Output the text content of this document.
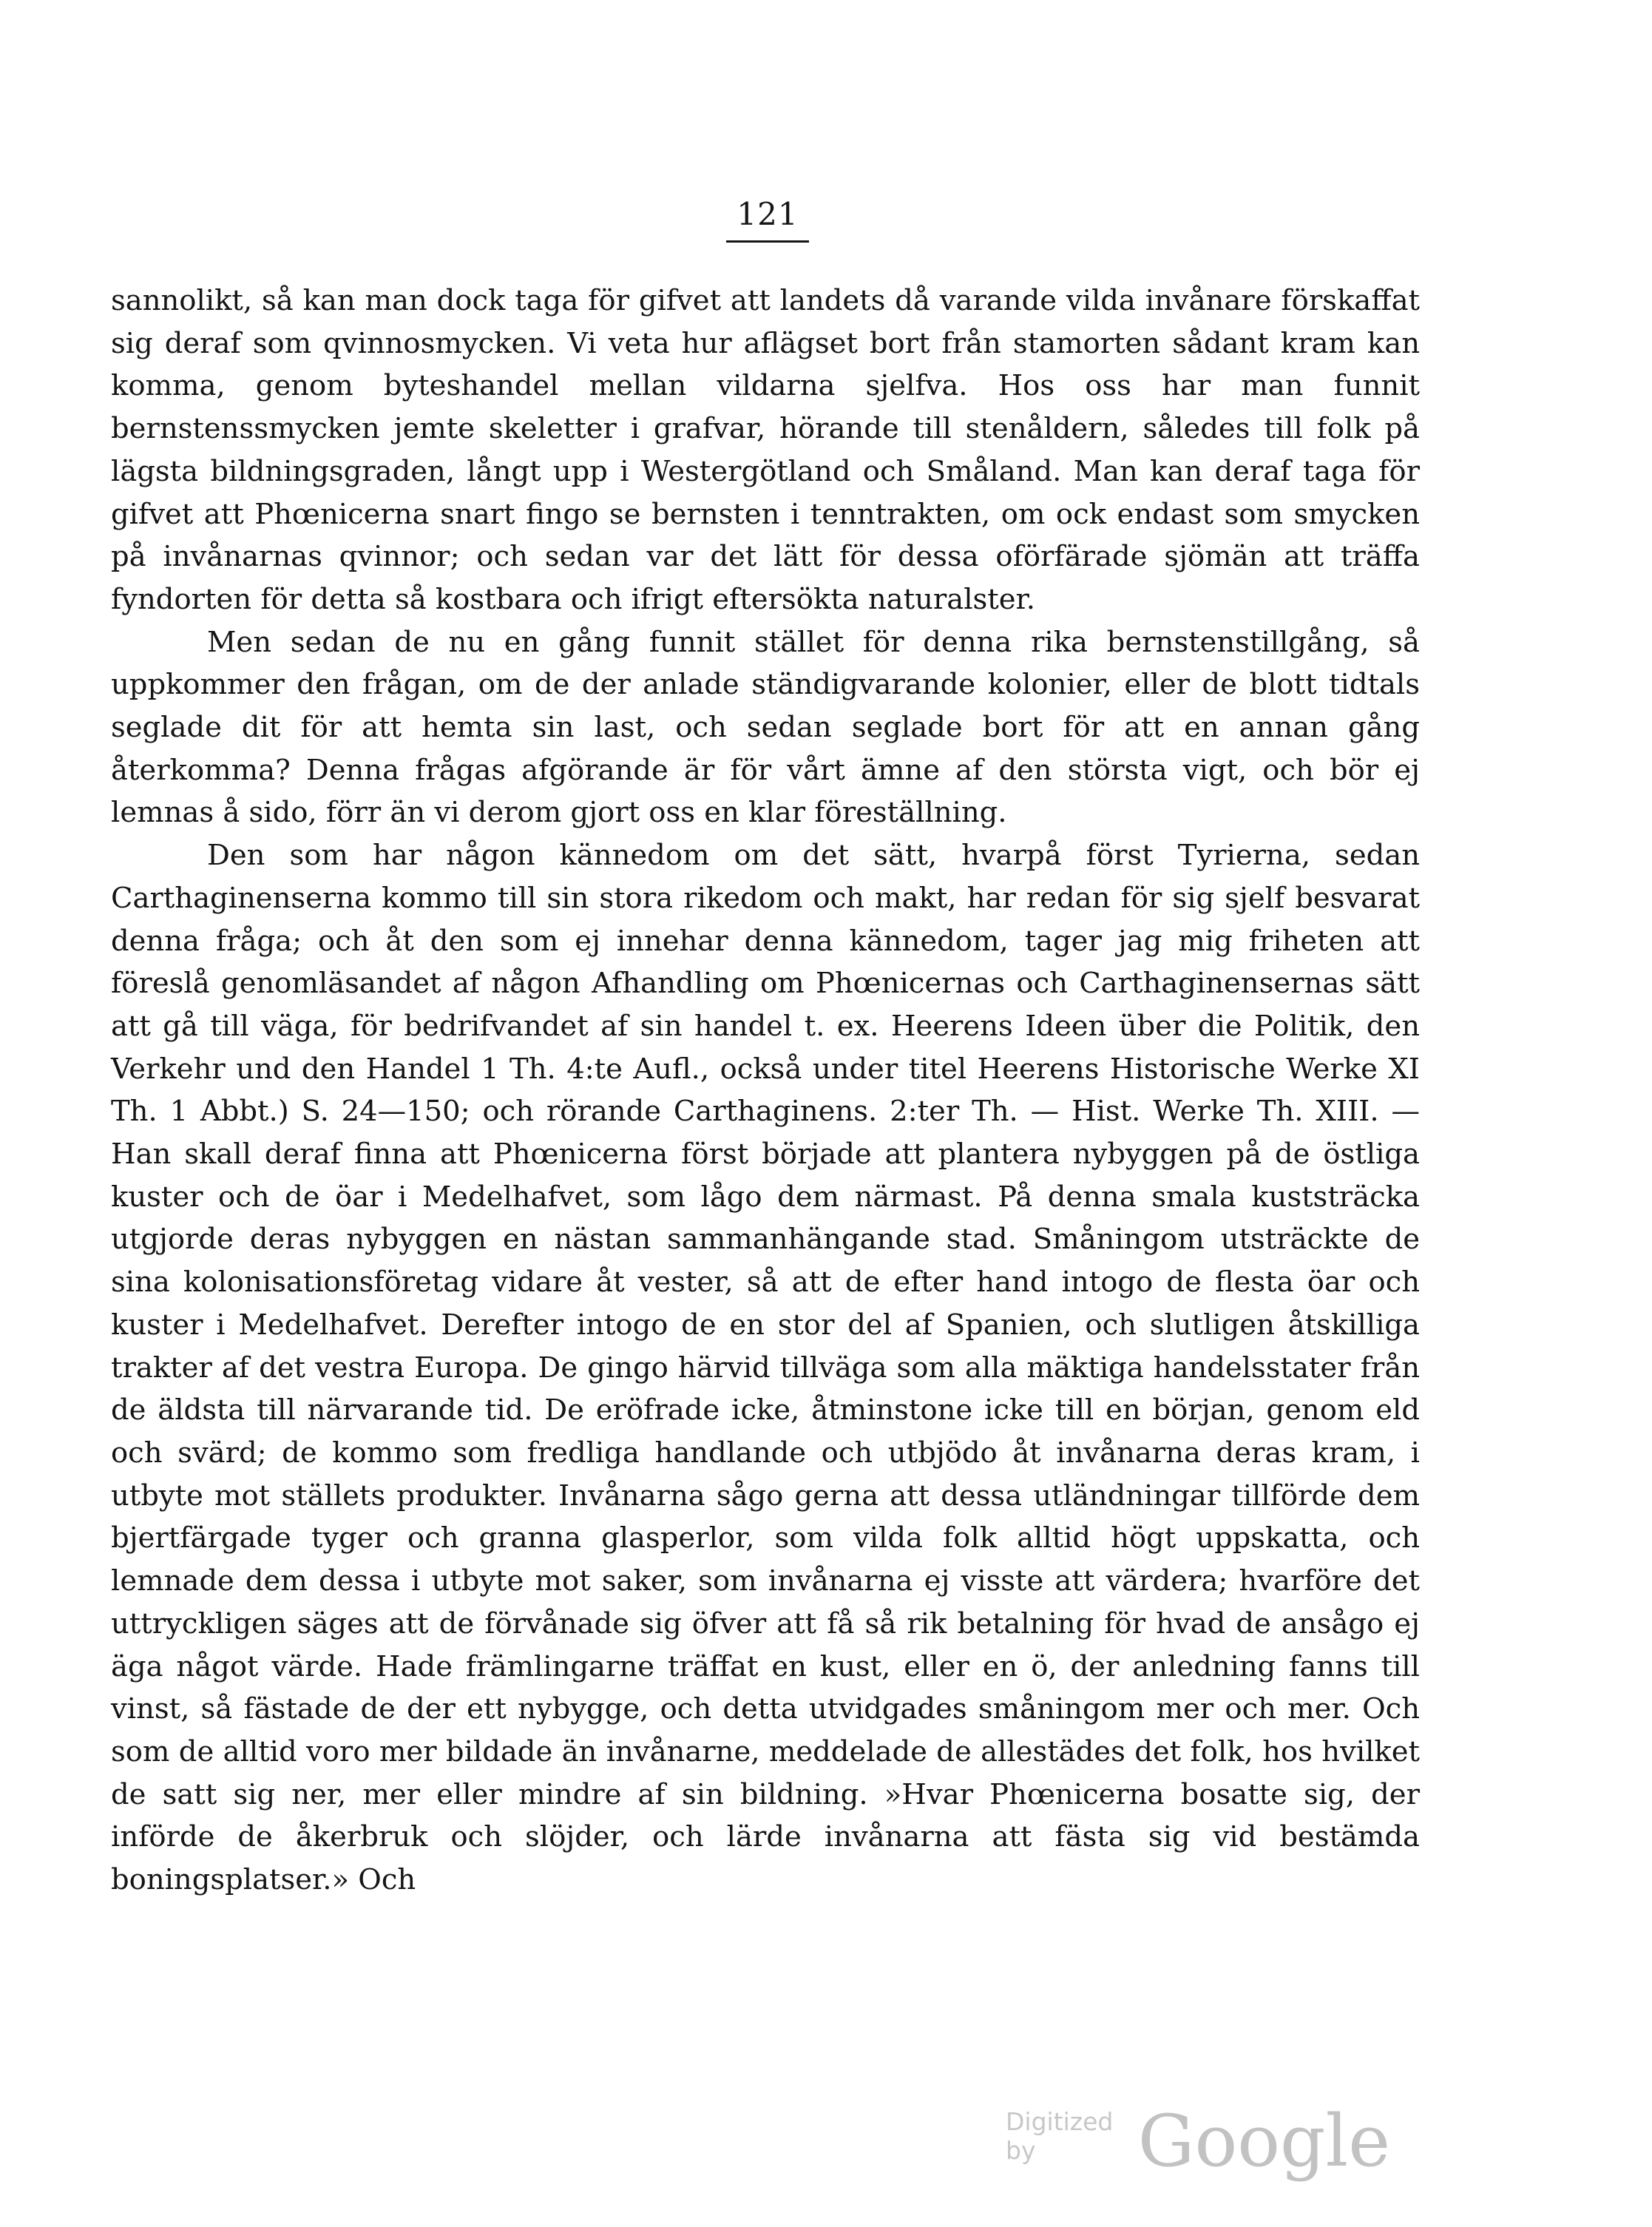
121

sannolikt, så kan man dock taga för gifvet att landets då varande vilda invånare förskaffat sig deraf som qvinnosmycken. Vi veta hur aflägset bort från stamorten sådant kram kan komma, genom byteshandel mellan vildarna sjelfva. Hos oss har man funnit bernstenssmycken jemte skeletter i grafvar, hörande till stenåldern, således till folk på lägsta bildningsgraden, långt upp i Westergötland och Småland. Man kan deraf taga för gifvet att Phœnicerna snart fingo se bernsten i tenntrakten, om ock endast som smycken på invånarnas qvinnor; och sedan var det lätt för dessa oförfärade sjömän att träffa fyndorten för detta så kostbara och ifrigt eftersökta naturalster.

Men sedan de nu en gång funnit stället för denna rika bernstenstillgång, så uppkommer den frågan, om de der anlade ständigvarande kolonier, eller de blott tidtals seglade dit för att hemta sin last, och sedan seglade bort för att en annan gång återkomma? Denna frågas afgörande är för vårt ämne af den största vigt, och bör ej lemnas å sido, förr än vi derom gjort oss en klar föreställning.

Den som har någon kännedom om det sätt, hvarpå först Tyrierna, sedan Carthaginenserna kommo till sin stora rikedom och makt, har redan för sig sjelf besvarat denna fråga; och åt den som ej innehar denna kännedom, tager jag mig friheten att föreslå genomläsandet af någon Afhandling om Phœnicernas och Carthaginensernas sätt att gå till väga, för bedrifvandet af sin handel t. ex. Heerens Ideen über die Politik, den Verkehr und den Handel 1 Th. 4:te Aufl., också under titel Heerens Historische Werke XI Th. 1 Abbt.) S. 24—150; och rörande Carthaginens. 2:ter Th. — Hist. Werke Th. XIII. — Han skall deraf finna att Phœnicerna först började att plantera nybyggen på de östliga kuster och de öar i Medelhafvet, som lågo dem närmast. På denna smala kuststräcka utgjorde deras nybyggen en nästan sammanhängande stad. Småningom utsträckte de sina kolonisationsföretag vidare åt vester, så att de efter hand intogo de flesta öar och kuster i Medelhafvet. Derefter intogo de en stor del af Spanien, och slutligen åtskilliga trakter af det vestra Europa. De gingo härvid tillväga som alla mäktiga handelsstater från de äldsta till närvarande tid. De eröfrade icke, åtminstone icke till en början, genom eld och svärd; de kommo som fredliga handlande och utbjödo åt invånarna deras kram, i utbyte mot ställets produkter. Invånarna sågo gerna att dessa utländningar tillförde dem bjertfärgade tyger och granna glasperlor, som vilda folk alltid högt uppskatta, och lemnade dem dessa i utbyte mot saker, som invånarna ej visste att värdera; hvarföre det uttryckligen säges att de förvånade sig öfver att få så rik betalning för hvad de ansågo ej äga något värde. Hade främlingarne träffat en kust, eller en ö, der anledning fanns till vinst, så fästade de der ett nybygge, och detta utvidgades småningom mer och mer. Och som de alltid voro mer bildade än invånarne, meddelade de allestädes det folk, hos hvilket de satt sig ner, mer eller mindre af sin bildning. »Hvar Phœnicerna bosatte sig, der införde de åkerbruk och slöjder, och lärde invånarna att fästa sig vid bestämda boningsplatser.» Och

Digitized by	Google
